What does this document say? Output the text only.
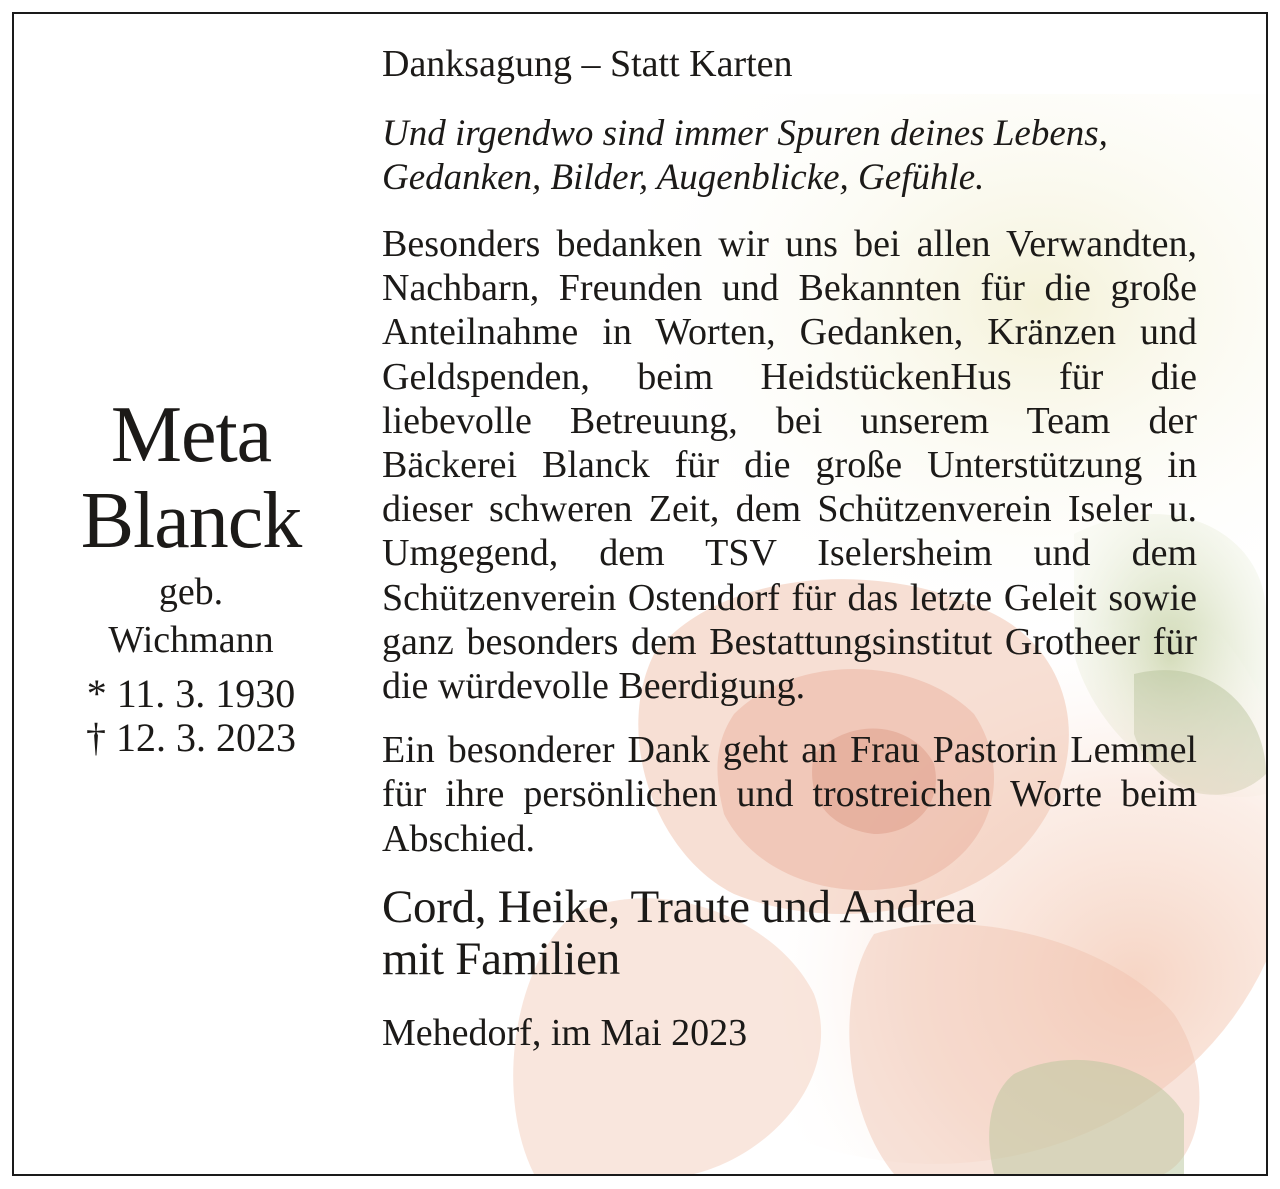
Meta
Blanck
geb.
Wichmann
* 11. 3. 1930
† 12. 3. 2023
Danksagung – Statt Karten
Und irgendwo sind immer Spuren deines Lebens,
Gedanken, Bilder, Augenblicke, Gefühle.
Besonders bedanken wir uns bei allen Verwandten, Nachbarn, Freunden und Bekannten für die große Anteilnahme in Worten, Gedanken, Kränzen und Geldspenden, beim HeidstückenHus für die liebevolle Betreuung, bei unserem Team der Bäckerei Blanck für die große Unterstützung in dieser schweren Zeit, dem Schützenverein Iseler u. Umgegend, dem TSV Iselersheim und dem Schützenverein Ostendorf für das letzte Geleit sowie ganz besonders dem Bestattungsinstitut Grotheer für die würdevolle Beerdigung.
Ein besonderer Dank geht an Frau Pastorin Lemmel für ihre persönlichen und trostreichen Worte beim Abschied.
Cord, Heike, Traute und Andrea
mit Familien
Mehedorf, im Mai 2023
